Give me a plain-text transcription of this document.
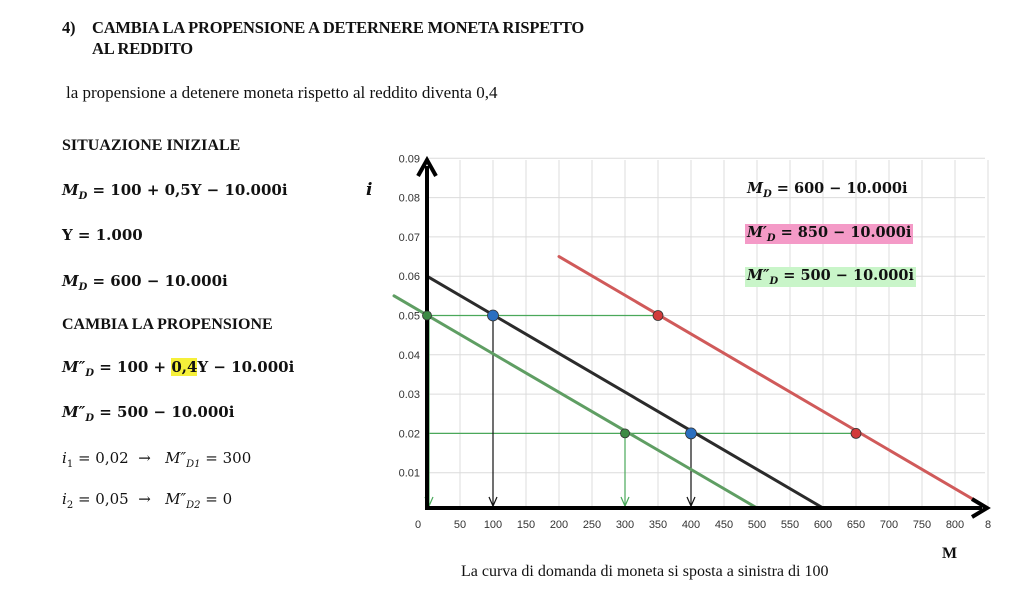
4) CAMBIA LA PROPENSIONE A DETERNERE MONETA RISPETTO
AL REDDITO
la propensione a detenere moneta rispetto al reddito diventa 0,4
SITUAZIONE INIZIALE
$M_D = 100 + 0,5Y - 10.000i$
Y = 1.000
$M_D = 600 - 10.000i$
CAMBIA LA PROPENSIONE
$M''_D = 100 + 0,4Y - 10.000i$
$M''_D = 500 - 10.000i$
$i_1 = 0,02 \to M''_{D1} = 300$
$i_2 = 0,05 \to M''_{D2} = 0$
0	50 100 150 200 250 300 350 400 450 500 550 600 650 700 750 800 8
0.01
0.02
0.03
0.04
0.05
0.06
0.07
0.08
0.09
i
M
$M_D = 600 - 10.000i$
$M'_D = 850 - 10.000i$
$M''_D = 500 - 10.000i$
La curva di domanda di moneta si sposta a sinistra di 100
